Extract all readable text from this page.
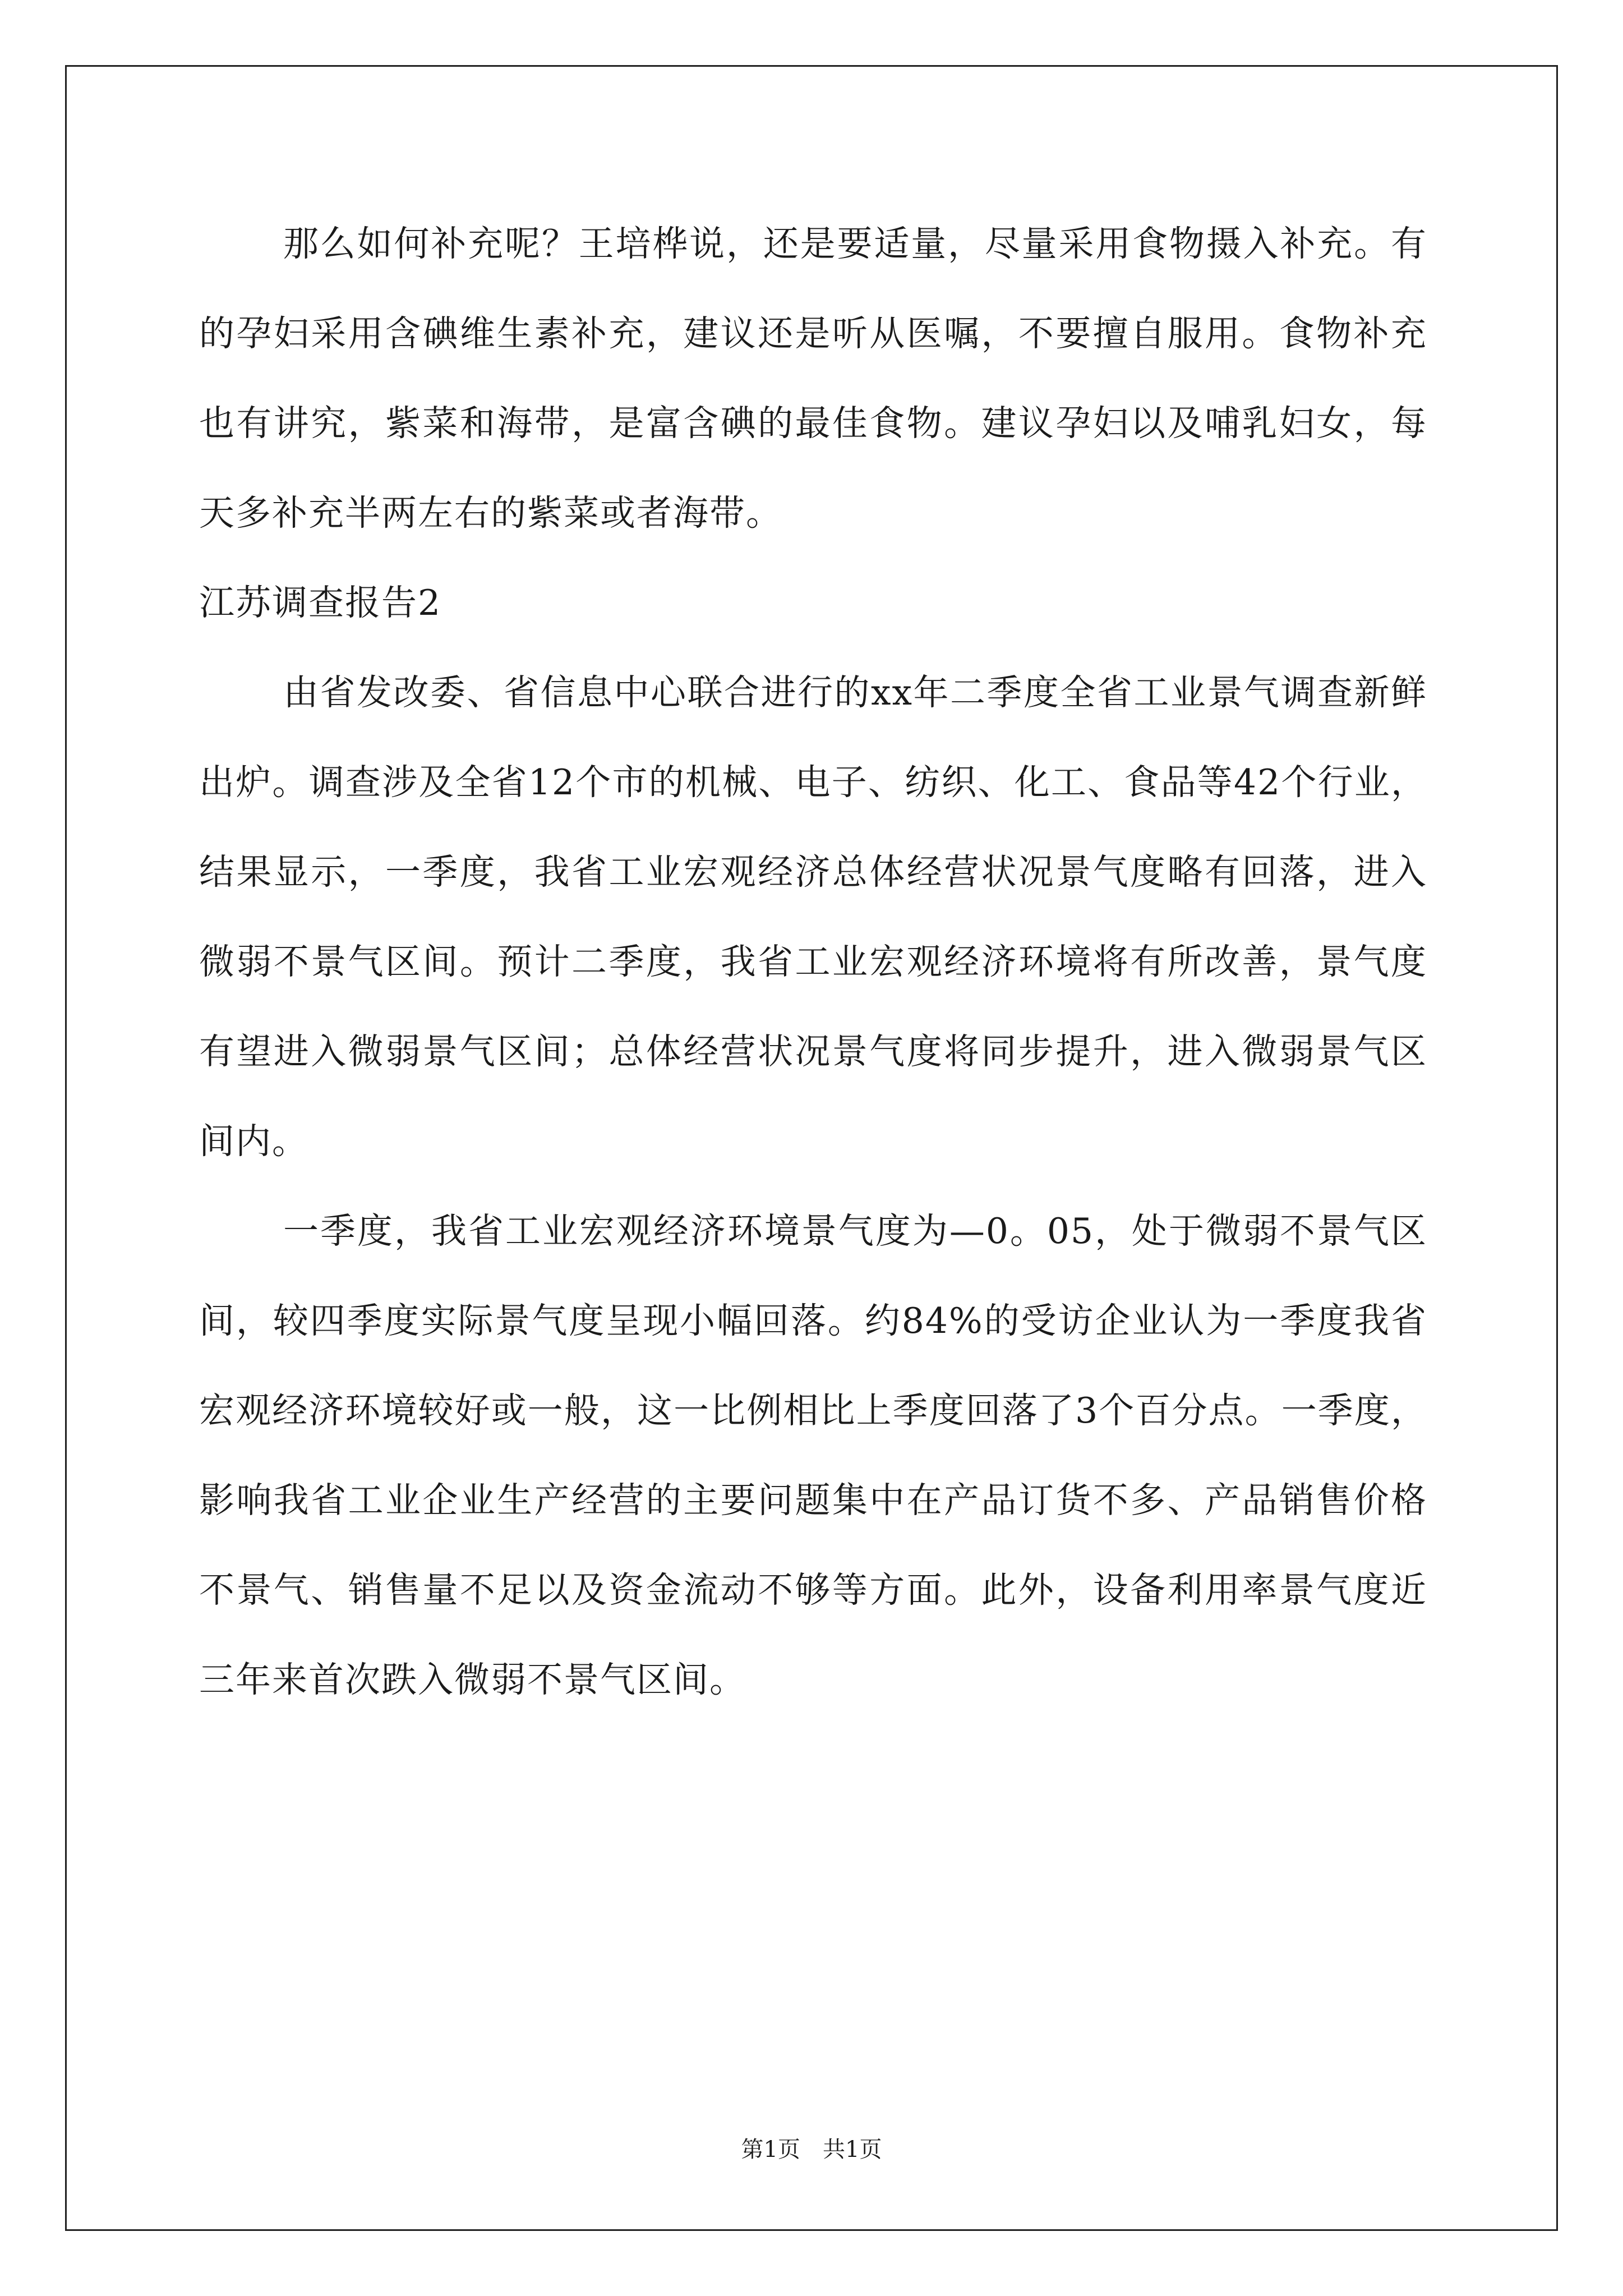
那么如何补充呢？王培桦说，还是要适量，尽量采用食物摄入补充。有的孕妇采用含碘维生素补充，建议还是听从医嘱，不要擅自服用。食物补充也有讲究，紫菜和海带，是富含碘的最佳食物。建议孕妇以及哺乳妇女，每天多补充半两左右的紫菜或者海带。

江苏调查报告2

由省发改委、省信息中心联合进行的xx年二季度全省工业景气调查新鲜出炉。调查涉及全省12个市的机械、电子、纺织、化工、食品等42个行业，结果显示，一季度，我省工业宏观经济总体经营状况景气度略有回落，进入微弱不景气区间。预计二季度，我省工业宏观经济环境将有所改善，景气度有望进入微弱景气区间；总体经营状况景气度将同步提升，进入微弱景气区间内。

一季度，我省工业宏观经济环境景气度为—0。05，处于微弱不景气区间，较四季度实际景气度呈现小幅回落。约84%的受访企业认为一季度我省宏观经济环境较好或一般，这一比例相比上季度回落了3个百分点。一季度，影响我省工业企业生产经营的主要问题集中在产品订货不多、产品销售价格不景气、销售量不足以及资金流动不够等方面。此外，设备利用率景气度近三年来首次跌入微弱不景气区间。

第1页　共1页
